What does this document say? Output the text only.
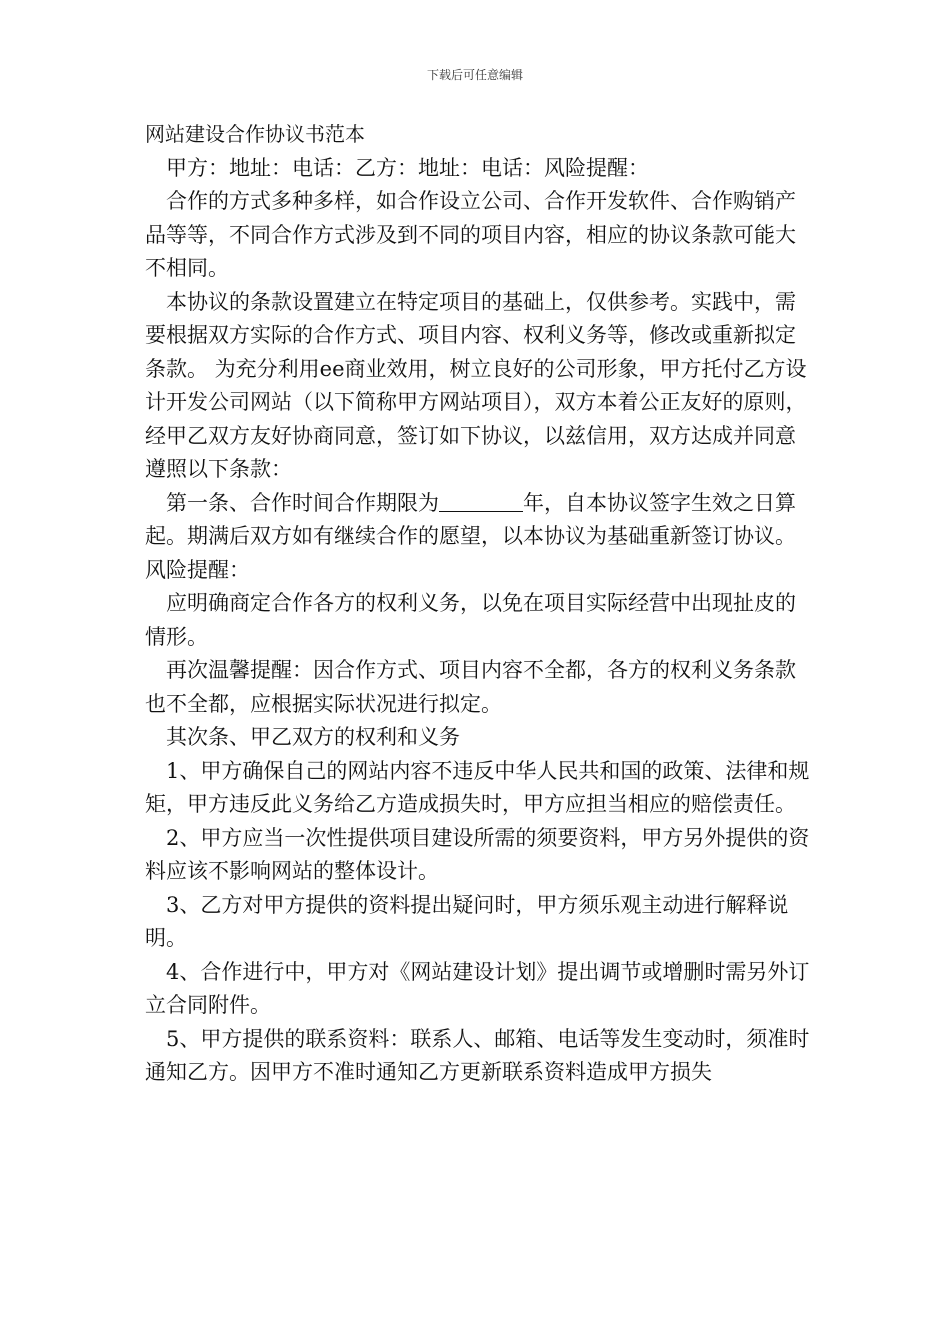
下载后可任意编辑

网站建设合作协议书范本

甲方：地址：电话：乙方：地址：电话：风险提醒：

合作的方式多种多样，如合作设立公司、合作开发软件、合作购销产品等等，不同合作方式涉及到不同的项目内容，相应的协议条款可能大不相同。

本协议的条款设置建立在特定项目的基础上，仅供参考。实践中，需要根据双方实际的合作方式、项目内容、权利义务等，修改或重新拟定条款。 为充分利用ee商业效用，树立良好的公司形象，甲方托付乙方设计开发公司网站（以下简称甲方网站项目），双方本着公正友好的原则，经甲乙双方友好协商同意，签订如下协议，以兹信用，双方达成并同意遵照以下条款：

第一条、合作时间合作期限为	年，自本协议签字生效之日算起。期满后双方如有继续合作的愿望，以本协议为基础重新签订协议。风险提醒：

应明确商定合作各方的权利义务，以免在项目实际经营中出现扯皮的情形。

再次温馨提醒：因合作方式、项目内容不全都，各方的权利义务条款也不全都，应根据实际状况进行拟定。

其次条、甲乙双方的权利和义务

1、甲方确保自己的网站内容不违反中华人民共和国的政策、法律和规矩，甲方违反此义务给乙方造成损失时，甲方应担当相应的赔偿责任。

2、甲方应当一次性提供项目建设所需的须要资料，甲方另外提供的资料应该不影响网站的整体设计。

3、乙方对甲方提供的资料提出疑问时，甲方须乐观主动进行解释说明。

4、合作进行中，甲方对《网站建设计划》提出调节或增删时需另外订立合同附件。

5、甲方提供的联系资料：联系人、邮箱、电话等发生变动时，须准时通知乙方。因甲方不准时通知乙方更新联系资料造成甲方损失
